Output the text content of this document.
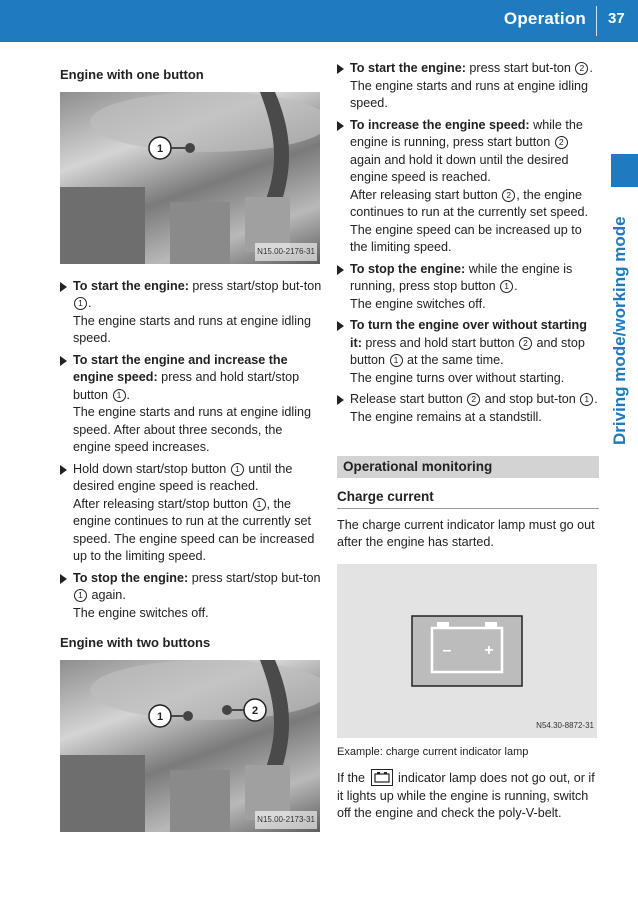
Operation 37
Driving mode/working mode
Engine with one button
1
N15.00-2176-31

To start the engine: press start/stop but-ton 1 .

The engine starts and runs at engine idling speed.

To start the engine and increase the engine speed: press and hold start/stop button 1 .

The engine starts and runs at engine idling speed. After about three seconds, the engine speed increases.

Hold down start/stop button 1 until the desired engine speed is reached.

After releasing start/stop button 1 , the engine continues to run at the currently set speed. The engine speed can be increased up to the limiting speed.

To stop the engine: press start/stop but-ton 1 again.

The engine switches off.

Engine with two buttons
1	2
N15.00-2173-31

To start the engine: press start but-ton 2 .

The engine starts and runs at engine idling speed.

To increase the engine speed: while the engine is running, press start button 2 again and hold it down until the desired engine speed is reached.

After releasing start button 2 , the engine continues to run at the currently set speed. The engine speed can be increased up to the limiting speed.

To stop the engine: while the engine is running, press stop button 1 .

The engine switches off.

To turn the engine over without starting it: press and hold start button 2 and stop button 1 at the same time.

The engine turns over without starting.

Release start button 2 and stop but-ton 1 .

The engine remains at a standstill.

Operational monitoring
Charge current

The charge current indicator lamp must go out after the engine has started.

– +
N54.30-8872-31
Example: charge current indicator lamp

If the  indicator lamp does not go out, or if it lights up while the engine is running, switch off the engine and check the poly-V-belt.
